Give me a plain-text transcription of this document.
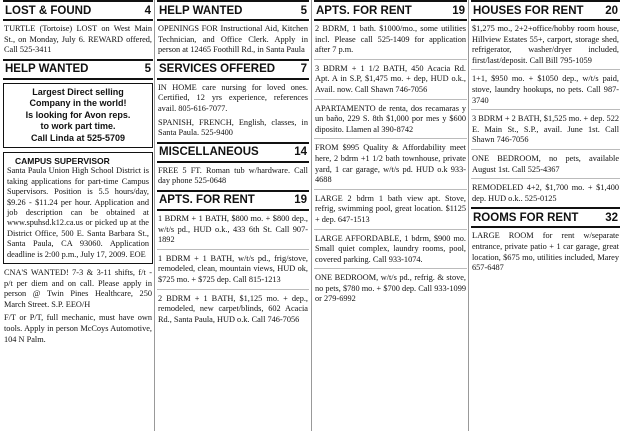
LOST & FOUND	4

TURTLE (Tortoise) LOST on West Main St., on Monday, July 6. REWARD offered, Call 525-3411

HELP WANTED	5
Largest Direct selling
Company in the world!
Is looking for Avon reps.
to work part time.
Call Linda at 525-5709
CAMPUS SUPERVISOR
Santa Paula Union High School District is taking applications for part-time Campus Supervisors. Position is 5.5 hours/day, $9.26 - $11.24 per hour. Application and job description can be obtained at www.spuhsd.k12.ca.us or picked up at the District Office, 500 E. Santa Barbara St., Santa Paula, CA 93060. Application deadline is 2:00 p.m., July 17, 2009. EOE

CNA'S WANTED! 7-3 & 3-11 shifts, f/t - p/t per diem and on call. Please apply in person @ Twin Pines Healthcare, 250 March Street. S.P. EEO/H

F/T or P/T, full mechanic, must have own tools. Apply in person McCoys Automotive, 104 N Palm.

HELP WANTED	5

OPENINGS FOR Instructional Aid, Kitchen Technician, and Office Clerk. Apply in person at 12465 Foothill Rd., in Santa Paula

SERVICES OFFERED 7

IN HOME care nursing for loved ones. Certified, 12 yrs experience, references avail. 805-616-7077.

SPANISH, FRENCH, English, classes, in Santa Paula. 525-9400

MISCELLANEOUS	14

FREE 5 FT. Roman tub w/hardware. Call day phone 525-0648

APTS. FOR RENT	19

1 BDRM + 1 BATH, $800 mo. + $800 dep., w/t/s pd., HUD o.k., 433 6th St. Call 907-1892

1 BDRM + 1 BATH, w/t/s pd., frig/stove, remodeled, clean, mountain views, HUD ok, $725 mo. + $725 dep. Call 815-1213

2 BDRM + 1 BATH, $1,125 mo. + dep., remodeled, new carpet/blinds, 602 Acacia Rd., Santa Paula, HUD o.k. Call 746-7056

APTS. FOR RENT	19

2 BDRM, 1 bath. $1000/mo., some utilities incl. Please call 525-1409 for application after 7 p.m.

3 BDRM + 1 1/2 BATH, 450 Acacia Rd. Apt. A in S.P, $1,475 mo. + dep, HUD o.k., Avail. now. Call Shawn 746-7056

APARTAMENTO de renta, dos recamaras y un baño, 229 S. 8th $1,000 por mes y $600 diposito. Llamen al 390-8742

FROM $995 Quality & Affordability meet here, 2 bdrm +1 1/2 bath townhouse, private yard, 1 car garage, w/t/s pd. HUD o.k 933-4688

LARGE 2 bdrm 1 bath view apt. Stove, refrig, swimming pool, great location. $1125 + dep. 647-1513

LARGE AFFORDABLE, 1 bdrm, $900 mo. Small quiet complex, laundry rooms, pool, covered parking. Call 933-1074.

ONE BEDROOM, w/t/s pd., refrig. & stove, no pets, $780 mo. + $700 dep. Call 933-1099 or 279-6992

HOUSES FOR RENT 20

$1,275 mo., 2+2+office/hobby room house, Hillview Estates 55+, carport, storage shed, refrigerator, washer/dryer included, first/last/deposit. Call Bill 795-1059

1+1, $950 mo. + $1050 dep., w/t/s paid, stove, laundry hookups, no pets. Call 987-3740

3 BDRM + 2 BATH, $1,525 mo. + dep. 522 E. Main St., S.P., avail. June 1st. Call Shawn 746-7056

ONE BEDROOM, no pets, available August 1st. Call 525-4367

REMODELED 4+2, $1,700 mo. + $1,400 dep. HUD o.k.. 525-0125

ROOMS FOR RENT 32

LARGE ROOM for rent w/separate entrance, private patio + 1 car garage, great location, $675 mo, utilities included, Marey 657-6487
